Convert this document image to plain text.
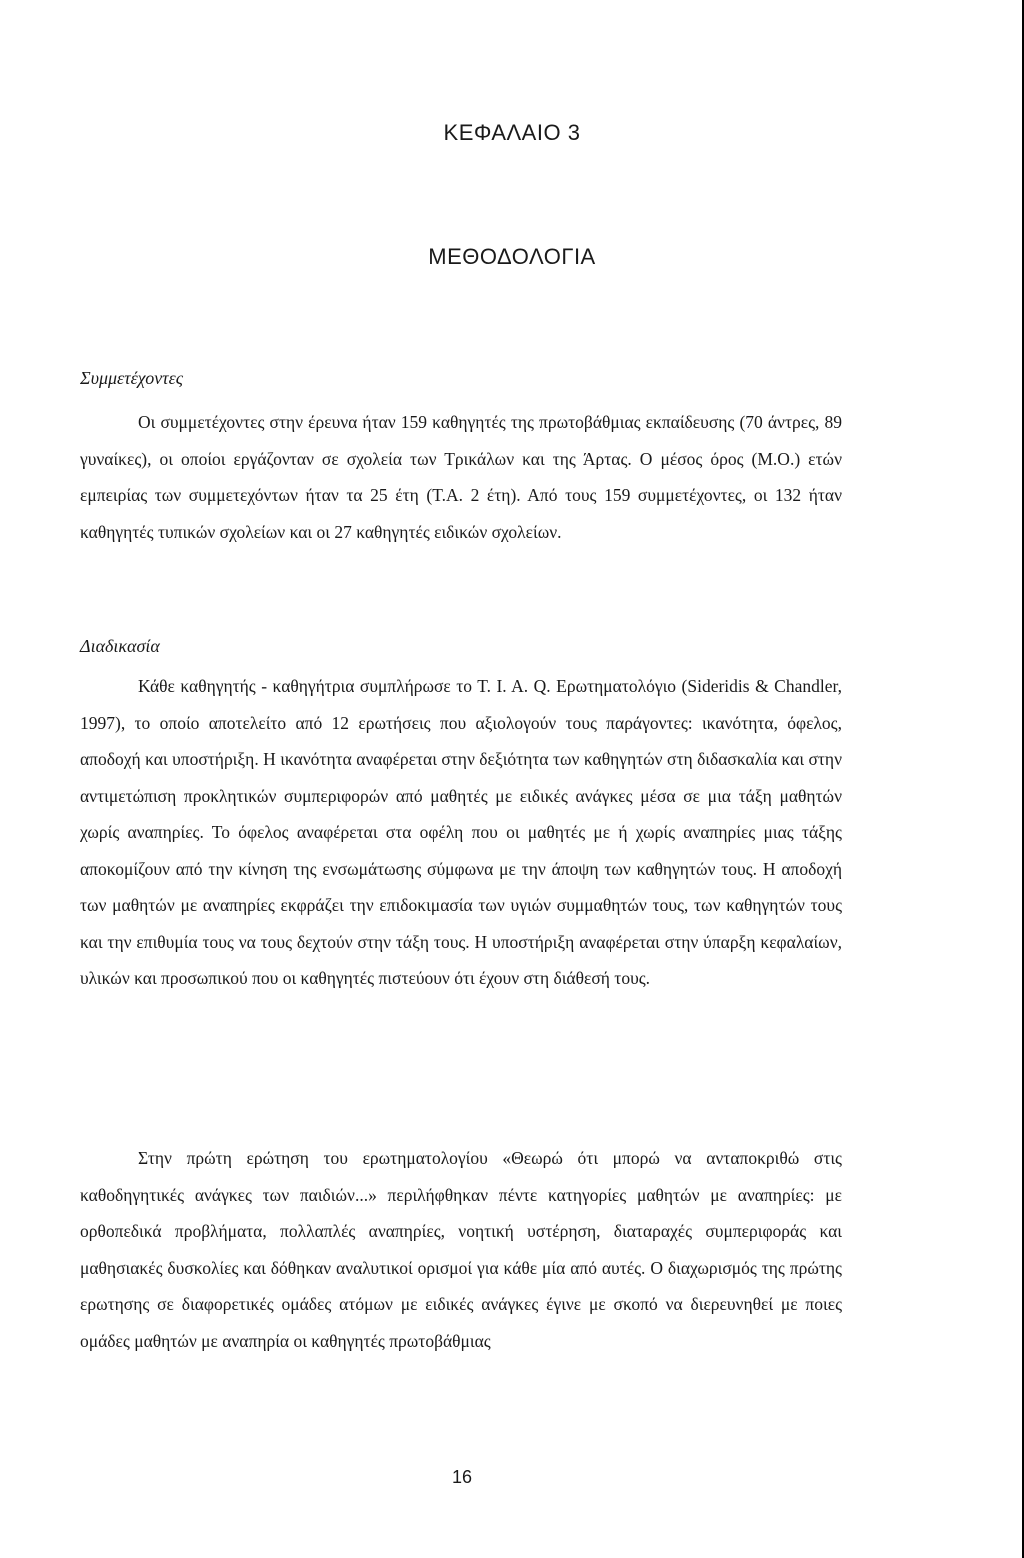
ΚΕΦΑΛΑΙΟ 3
ΜΕΘΟΔΟΛΟΓΙΑ
Συμμετέχοντες

Οι συμμετέχοντες στην έρευνα ήταν 159 καθηγητές της πρωτοβάθμιας εκπαίδευσης (70 άντρες, 89 γυναίκες), οι οποίοι εργάζονταν σε σχολεία των Τρικάλων και της Άρτας. Ο μέσος όρος (Μ.Ο.) ετών εμπειρίας των συμμετεχόντων ήταν τα 25 έτη (Τ.Α. 2 έτη). Από τους 159 συμμετέχοντες, οι 132 ήταν καθηγητές τυπικών σχολείων και οι 27 καθηγητές ειδικών σχολείων.

Διαδικασία

Κάθε καθηγητής - καθηγήτρια συμπλήρωσε το Τ. Ι. Α. Q. Ερωτηματολόγιο (Sideridis & Chandler, 1997), το οποίο αποτελείτο από 12 ερωτήσεις που αξιολογούν τους παράγοντες: ικανότητα, όφελος, αποδοχή και υποστήριξη. Η ικανότητα αναφέρεται στην δεξιότητα των καθηγητών στη διδασκαλία και στην αντιμετώπιση προκλητικών συμπεριφορών από μαθητές με ειδικές ανάγκες μέσα σε μια τάξη μαθητών χωρίς αναπηρίες. Το όφελος αναφέρεται στα οφέλη που οι μαθητές με ή χωρίς αναπηρίες μιας τάξης αποκομίζουν από την κίνηση της ενσωμάτωσης σύμφωνα με την άποψη των καθηγητών τους. Η αποδοχή των μαθητών με αναπηρίες εκφράζει την επιδοκιμασία των υγιών συμμαθητών τους, των καθηγητών τους και την επιθυμία τους να τους δεχτούν στην τάξη τους. Η υποστήριξη αναφέρεται στην ύπαρξη κεφαλαίων, υλικών και προσωπικού που οι καθηγητές πιστεύουν ότι έχουν στη διάθεσή τους.

Στην πρώτη ερώτηση του ερωτηματολογίου «Θεωρώ ότι μπορώ να ανταποκριθώ στις καθοδηγητικές ανάγκες των παιδιών...» περιλήφθηκαν πέντε κατηγορίες μαθητών με αναπηρίες: με ορθοπεδικά προβλήματα, πολλαπλές αναπηρίες, νοητική υστέρηση, διαταραχές συμπεριφοράς και μαθησιακές δυσκολίες και δόθηκαν αναλυτικοί ορισμοί για κάθε μία από αυτές. Ο διαχωρισμός της πρώτης ερωτησης σε διαφορετικές ομάδες ατόμων με ειδικές ανάγκες έγινε με σκοπό να διερευνηθεί με ποιες ομάδες μαθητών με αναπηρία οι καθηγητές πρωτοβάθμιας

16
